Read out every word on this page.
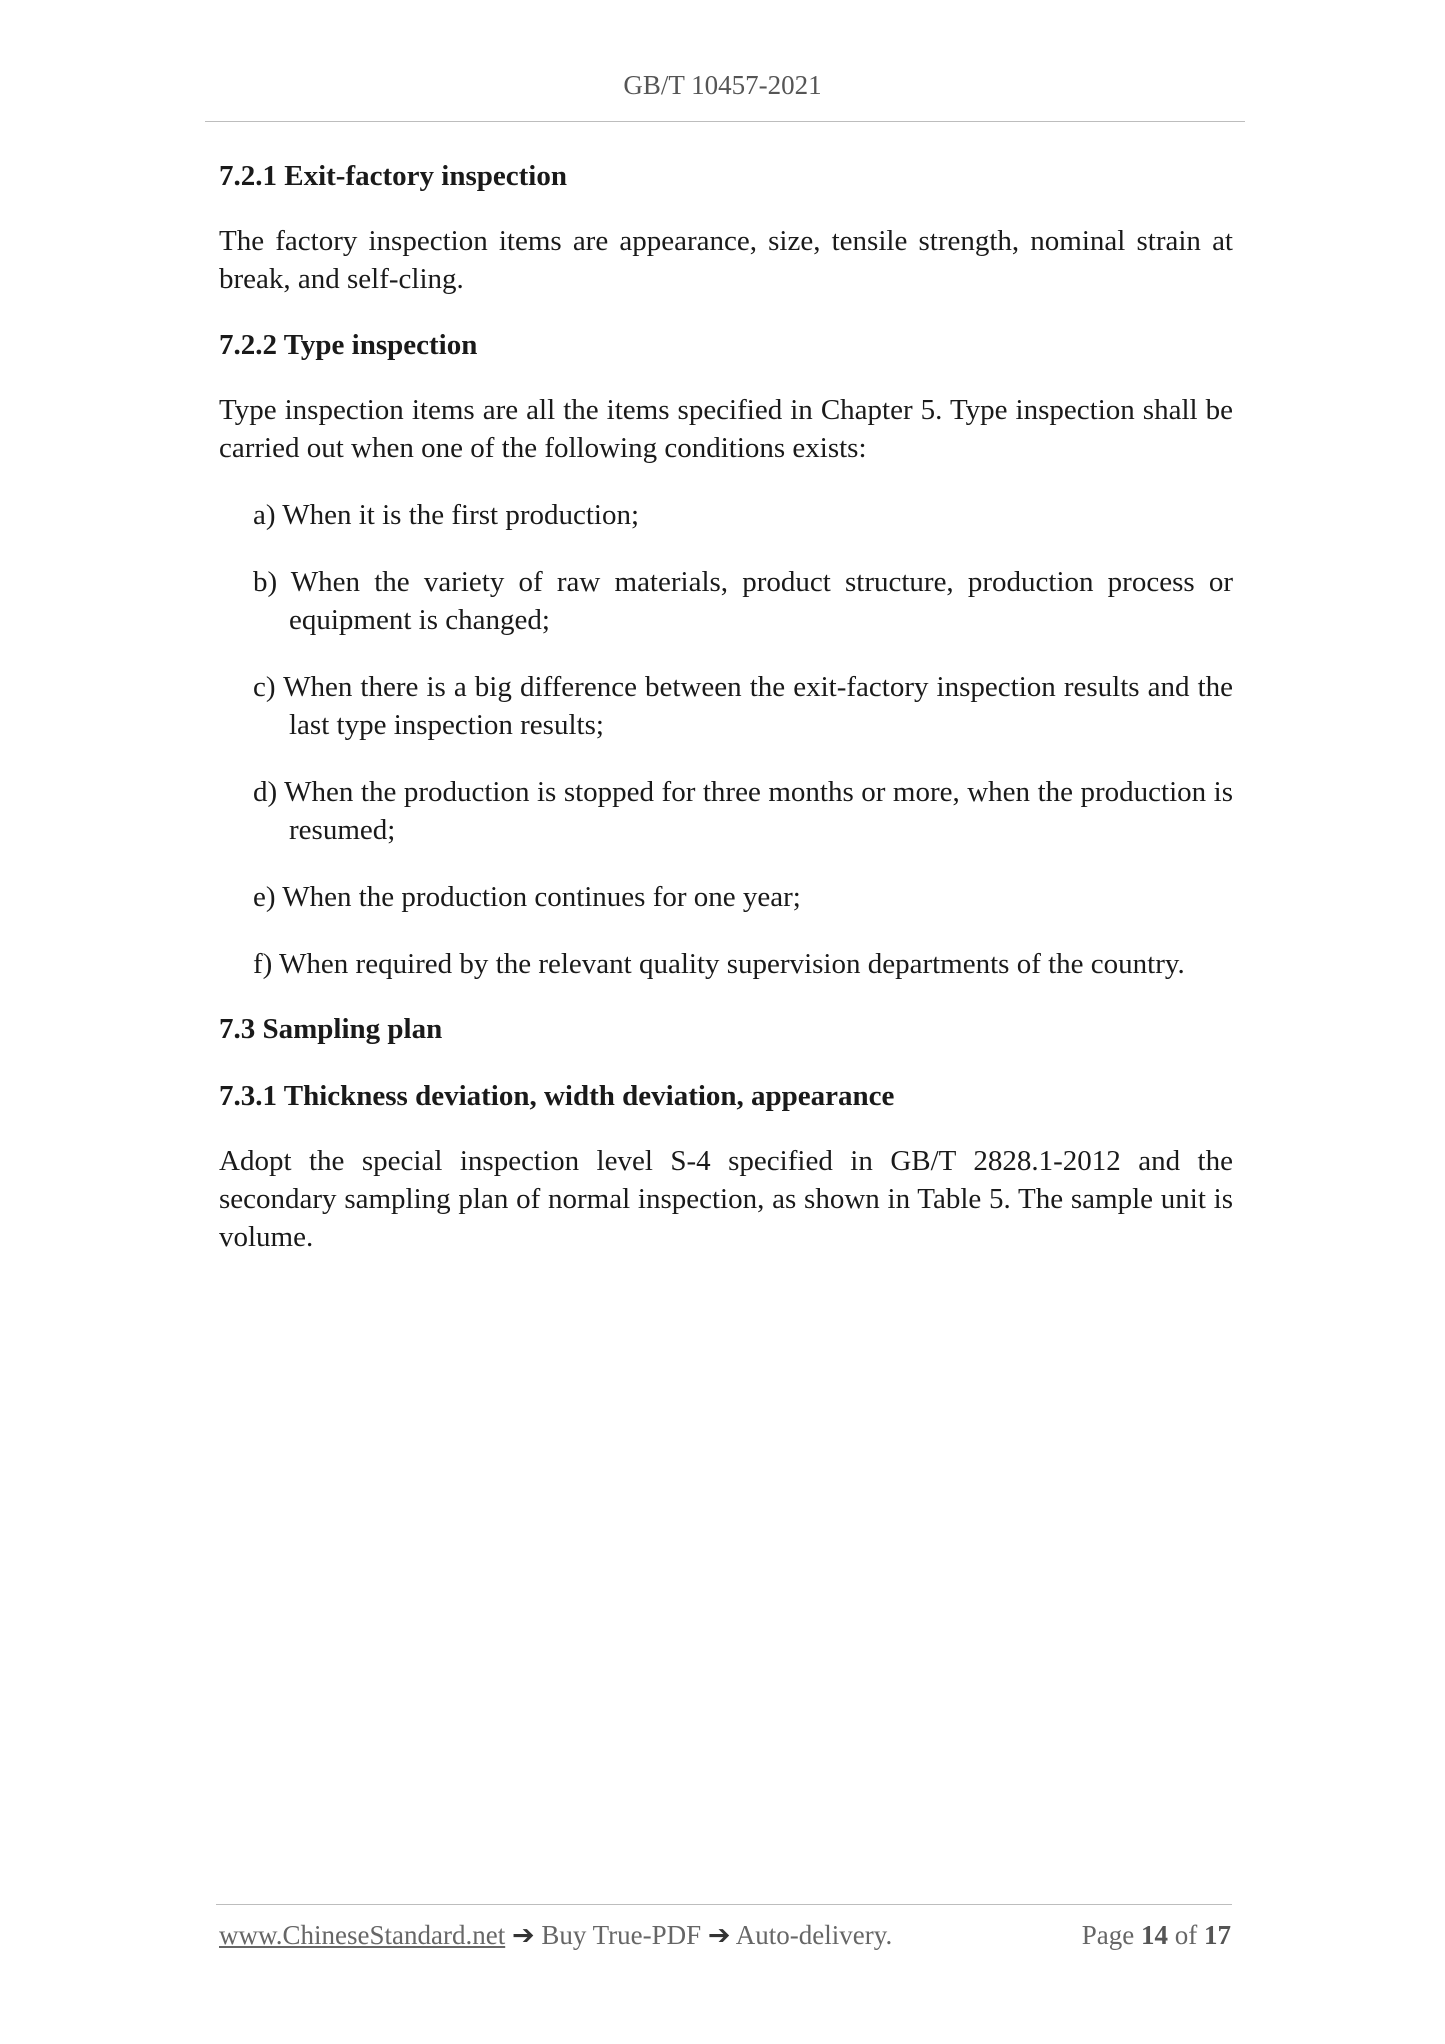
GB/T 10457-2021

7.2.1 Exit-factory inspection

The factory inspection items are appearance, size, tensile strength, nominal strain at break, and self-cling.

7.2.2 Type inspection

Type inspection items are all the items specified in Chapter 5. Type inspection shall be carried out when one of the following conditions exists:

a) When it is the first production;

b) When the variety of raw materials, product structure, production process or equipment is changed;

c) When there is a big difference between the exit-factory inspection results and the last type inspection results;

d) When the production is stopped for three months or more, when the production is resumed;

e) When the production continues for one year;

f) When required by the relevant quality supervision departments of the country.

7.3 Sampling plan

7.3.1 Thickness deviation, width deviation, appearance

Adopt the special inspection level S-4 specified in GB/T 2828.1-2012 and the secondary sampling plan of normal inspection, as shown in Table 5. The sample unit is volume.

www.ChineseStandard.net ➔ Buy True-PDF ➔ Auto-delivery.	Page 14 of 17
